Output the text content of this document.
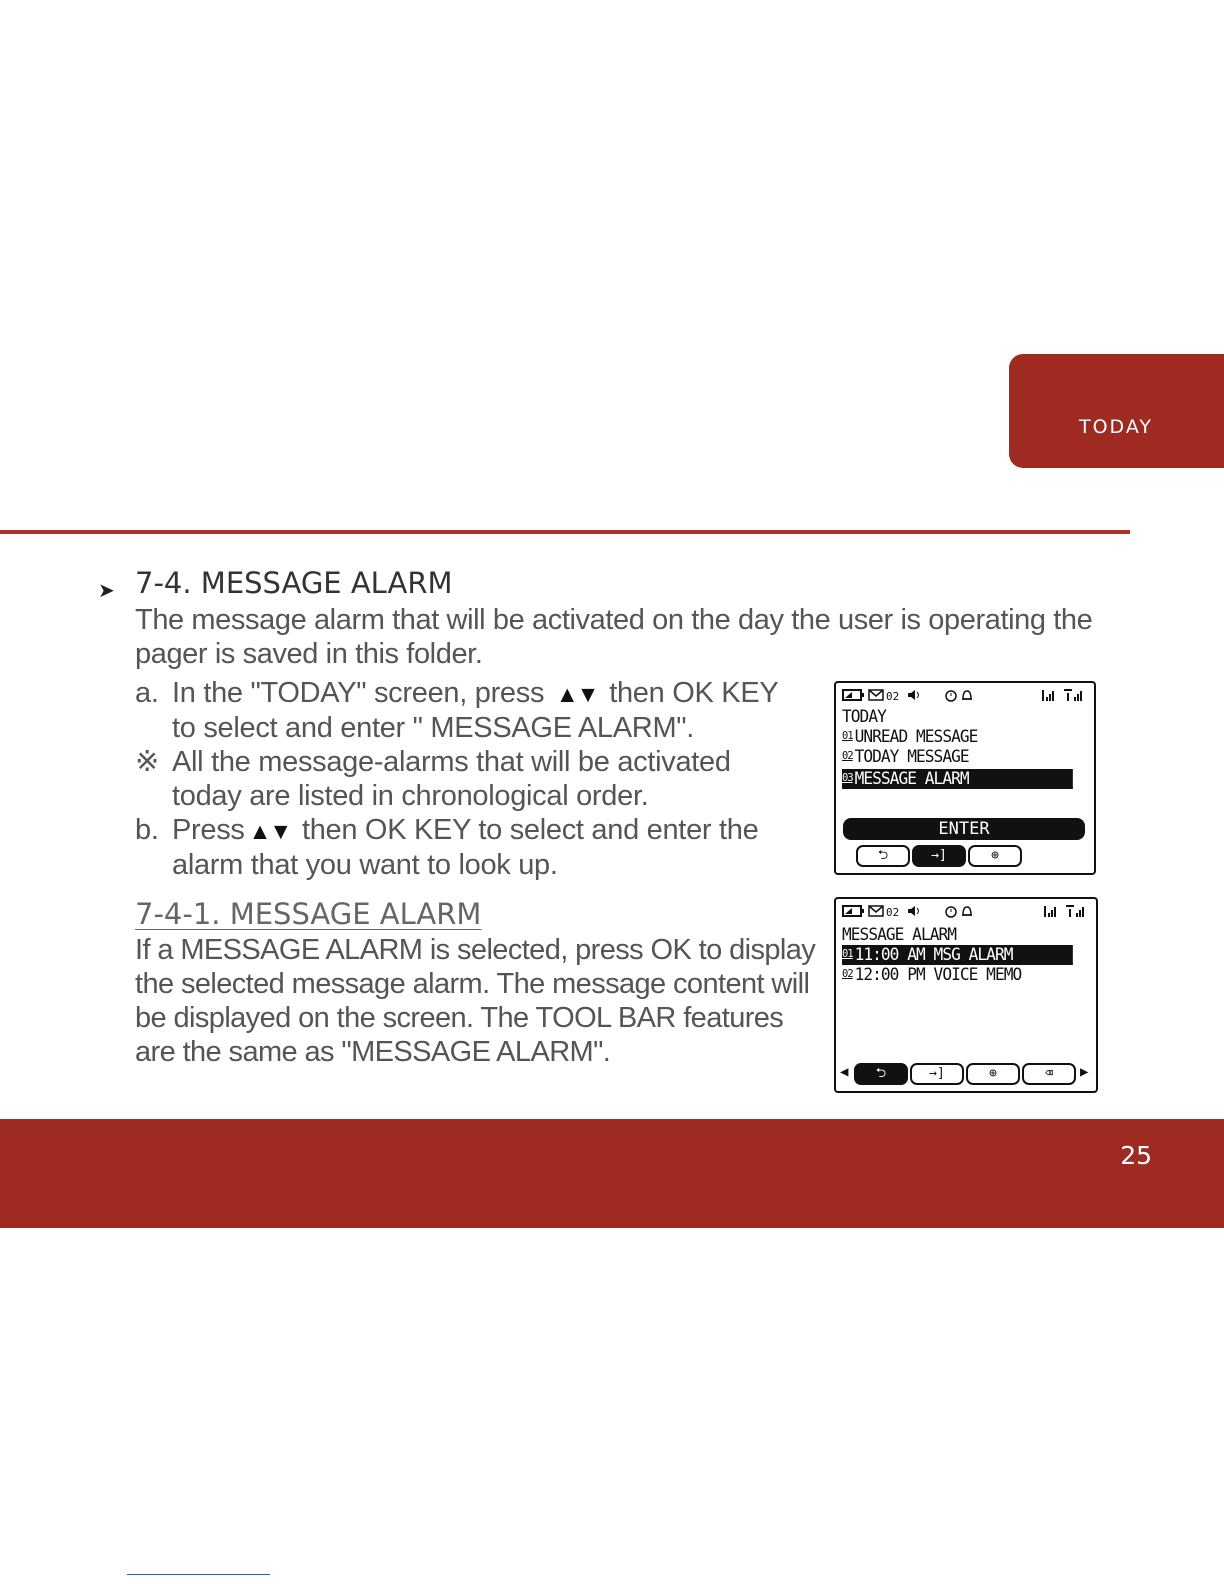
TODAY
➤ 7-4. MESSAGE ALARM
The message alarm that will be activated on the day the user is operating the pager is saved in this folder.
a. In the "TODAY" screen, press ▲▼ then OK KEY
to select and enter " MESSAGE ALARM".
※ All the message-alarms that will be activated
today are listed in chronological order.
b. Press ▲▼ then OK KEY to select and enter the
alarm that you want to look up.
7-4-1. MESSAGE ALARM
If a MESSAGE ALARM is selected, press OK to display the selected message alarm. The message content will be displayed on the screen. The TOOL BAR features are the same as "MESSAGE ALARM".
02
TODAY
01 UNREAD MESSAGE
02 TODAY MESSAGE
03 MESSAGE ALARM
ENTER
⮌	→]	⊕
02
MESSAGE ALARM
01 11:00 AM MSG ALARM
02 12:00 PM VOICE MEMO
◀	⮌	→]	⊕	⌫	▶
25
